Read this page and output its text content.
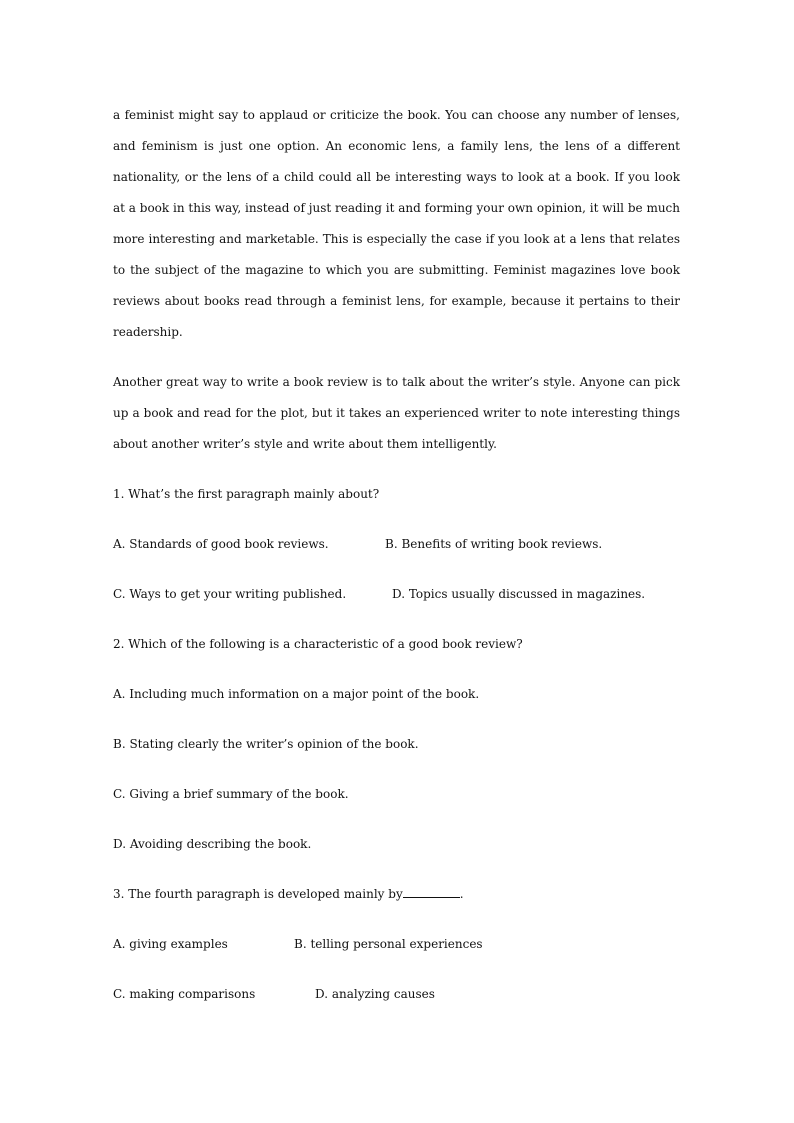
a feminist might say to applaud or criticize the book. You can choose any number of lenses, and feminism is just one option. An economic lens, a family lens, the lens of a different nationality, or the lens of a child could all be interesting ways to look at a book. If you look at a book in this way, instead of just reading it and forming your own opinion, it will be much more interesting and marketable. This is especially the case if you look at a lens that relates to the subject of the magazine to which you are submitting. Feminist magazines love book reviews about books read through a feminist lens, for example, because it pertains to their readership.

Another great way to write a book review is to talk about the writer’s style. Anyone can pick up a book and read for the plot, but it takes an experienced writer to note interesting things about another writer’s style and write about them intelligently.

1. What’s the first paragraph mainly about?

A. Standards of good book reviews.	B. Benefits of writing book reviews.
C. Ways to get your writing published.	D. Topics usually discussed in magazines.

2. Which of the following is a characteristic of a good book review?

A. Including much information on a major point of the book.

B. Stating clearly the writer’s opinion of the book.

C. Giving a brief summary of the book.

D. Avoiding describing the book.

3. The fourth paragraph is developed mainly by	.

A. giving examples	B. telling personal experiences
C. making comparisons	D. analyzing causes
